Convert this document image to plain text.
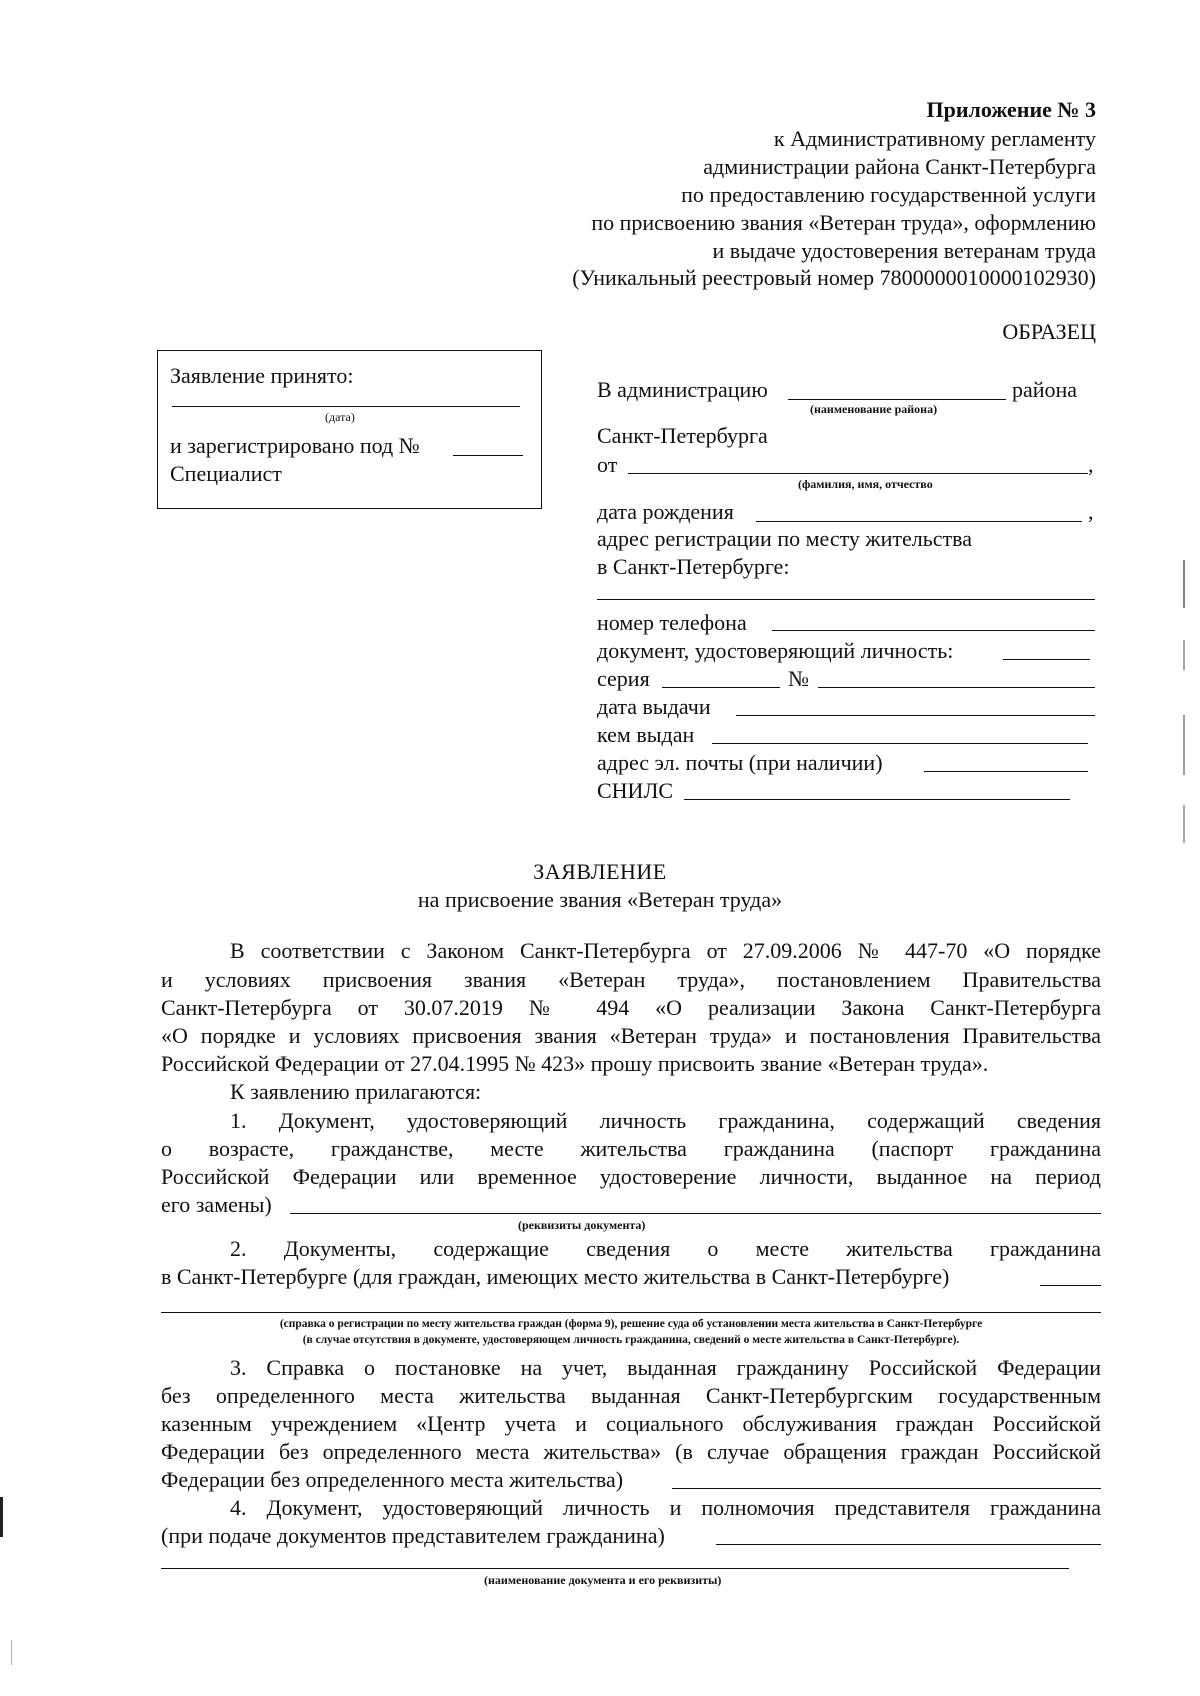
Приложение № 3
к Административному регламенту
администрации района Санкт-Петербурга
по предоставлению государственной услуги
по присвоению звания «Ветеран труда», оформлению
и выдаче удостоверения ветеранам труда
(Уникальный реестровый номер 7800000010000102930)
ОБРАЗЕЦ
Заявление принято:
(дата)
и зарегистрировано под №
Специалист
В администрацию	района
(наименование района)
Санкт-Петербурга
от	,
(фамилия, имя, отчество
дата рождения	,
адрес регистрации по месту жительства
в Санкт-Петербурге:
номер телефона
документ, удостоверяющий личность:
серия	№
дата выдачи
кем выдан
адрес эл. почты (при наличии)
СНИЛС
ЗАЯВЛЕНИЕ
на присвоение звания «Ветеран труда»
В соответствии с Законом Санкт-Петербурга от 27.09.2006 № 447-70 «О порядке
и условиях присвоения звания «Ветеран труда», постановлением Правительства
Санкт-Петербурга от 30.07.2019 № 494 «О реализации Закона Санкт-Петербурга
«О порядке и условиях присвоения звания «Ветеран труда» и постановления Правительства
Российской Федерации от 27.04.1995 № 423» прошу присвоить звание «Ветеран труда».
К заявлению прилагаются:
1. Документ, удостоверяющий личность гражданина, содержащий сведения
о возрасте, гражданстве, месте жительства гражданина (паспорт гражданина
Российской Федерации или временное удостоверение личности, выданное на период
его замены)
(реквизиты документа)
2. Документы, содержащие сведения о месте жительства гражданина
в Санкт-Петербурге (для граждан, имеющих место жительства в Санкт-Петербурге)
(справка о регистрации по месту жительства граждан (форма 9), решение суда об установлении места жительства в Санкт-Петербурге
(в случае отсутствия в документе, удостоверяющем личность гражданина, сведений о месте жительства в Санкт-Петербурге).
3. Справка о постановке на учет, выданная гражданину Российской Федерации
без определенного места жительства выданная Санкт-Петербургским государственным
казенным учреждением «Центр учета и социального обслуживания граждан Российской
Федерации без определенного места жительства» (в случае обращения граждан Российской
Федерации без определенного места жительства)
4. Документ, удостоверяющий личность и полномочия представителя гражданина
(при подаче документов представителем гражданина)
(наименование документа и его реквизиты)
